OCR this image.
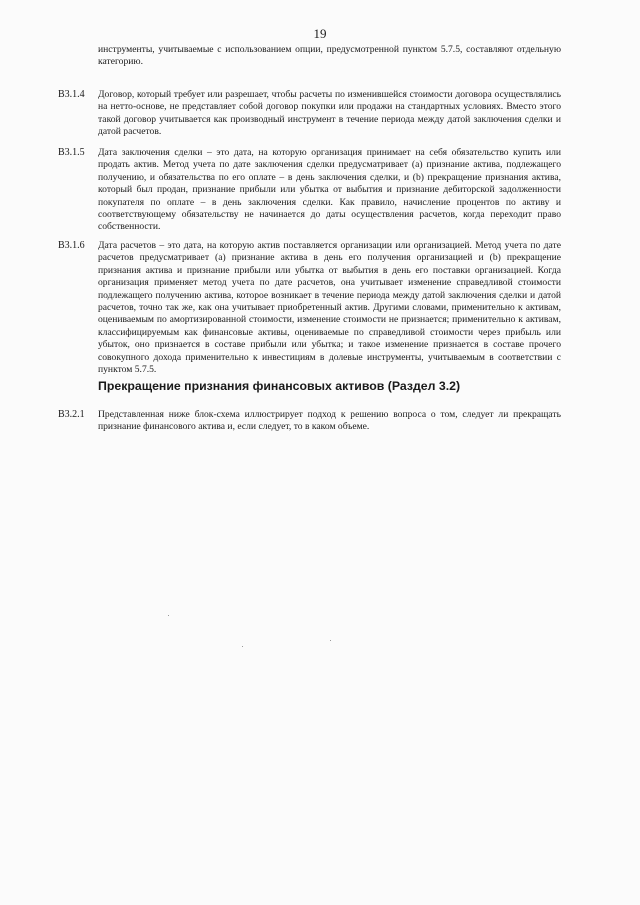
19
инструменты, учитываемые с использованием опции, предусмотренной пунктом 5.7.5, составляют отдельную категорию.
B3.1.4 Договор, который требует или разрешает, чтобы расчеты по изменившейся стоимости договора осуществлялись на нетто-основе, не представляет собой договор покупки или продажи на стандартных условиях. Вместо этого такой договор учитывается как производный инструмент в течение периода между датой заключения сделки и датой расчетов.
B3.1.5 Дата заключения сделки – это дата, на которую организация принимает на себя обязательство купить или продать актив. Метод учета по дате заключения сделки предусматривает (а) признание актива, подлежащего получению, и обязательства по его оплате – в день заключения сделки, и (b) прекращение признания актива, который был продан, признание прибыли или убытка от выбытия и признание дебиторской задолженности покупателя по оплате – в день заключения сделки. Как правило, начисление процентов по активу и соответствующему обязательству не начинается до даты осуществления расчетов, когда переходит право собственности.
B3.1.6 Дата расчетов – это дата, на которую актив поставляется организации или организацией. Метод учета по дате расчетов предусматривает (а) признание актива в день его получения организацией и (b) прекращение признания актива и признание прибыли или убытка от выбытия в день его поставки организацией. Когда организация применяет метод учета по дате расчетов, она учитывает изменение справедливой стоимости подлежащего получению актива, которое возникает в течение периода между датой заключения сделки и датой расчетов, точно так же, как она учитывает приобретенный актив. Другими словами, применительно к активам, оцениваемым по амортизированной стоимости, изменение стоимости не признается; применительно к активам, классифицируемым как финансовые активы, оцениваемые по справедливой стоимости через прибыль или убыток, оно признается в составе прибыли или убытка; и такое изменение признается в составе прочего совокупного дохода применительно к инвестициям в долевые инструменты, учитываемым в соответствии с пунктом 5.7.5.
Прекращение признания финансовых активов (Раздел 3.2)
B3.2.1 Представленная ниже блок-схема иллюстрирует подход к решению вопроса о том, следует ли прекращать признание финансового актива и, если следует, то в каком объеме.
